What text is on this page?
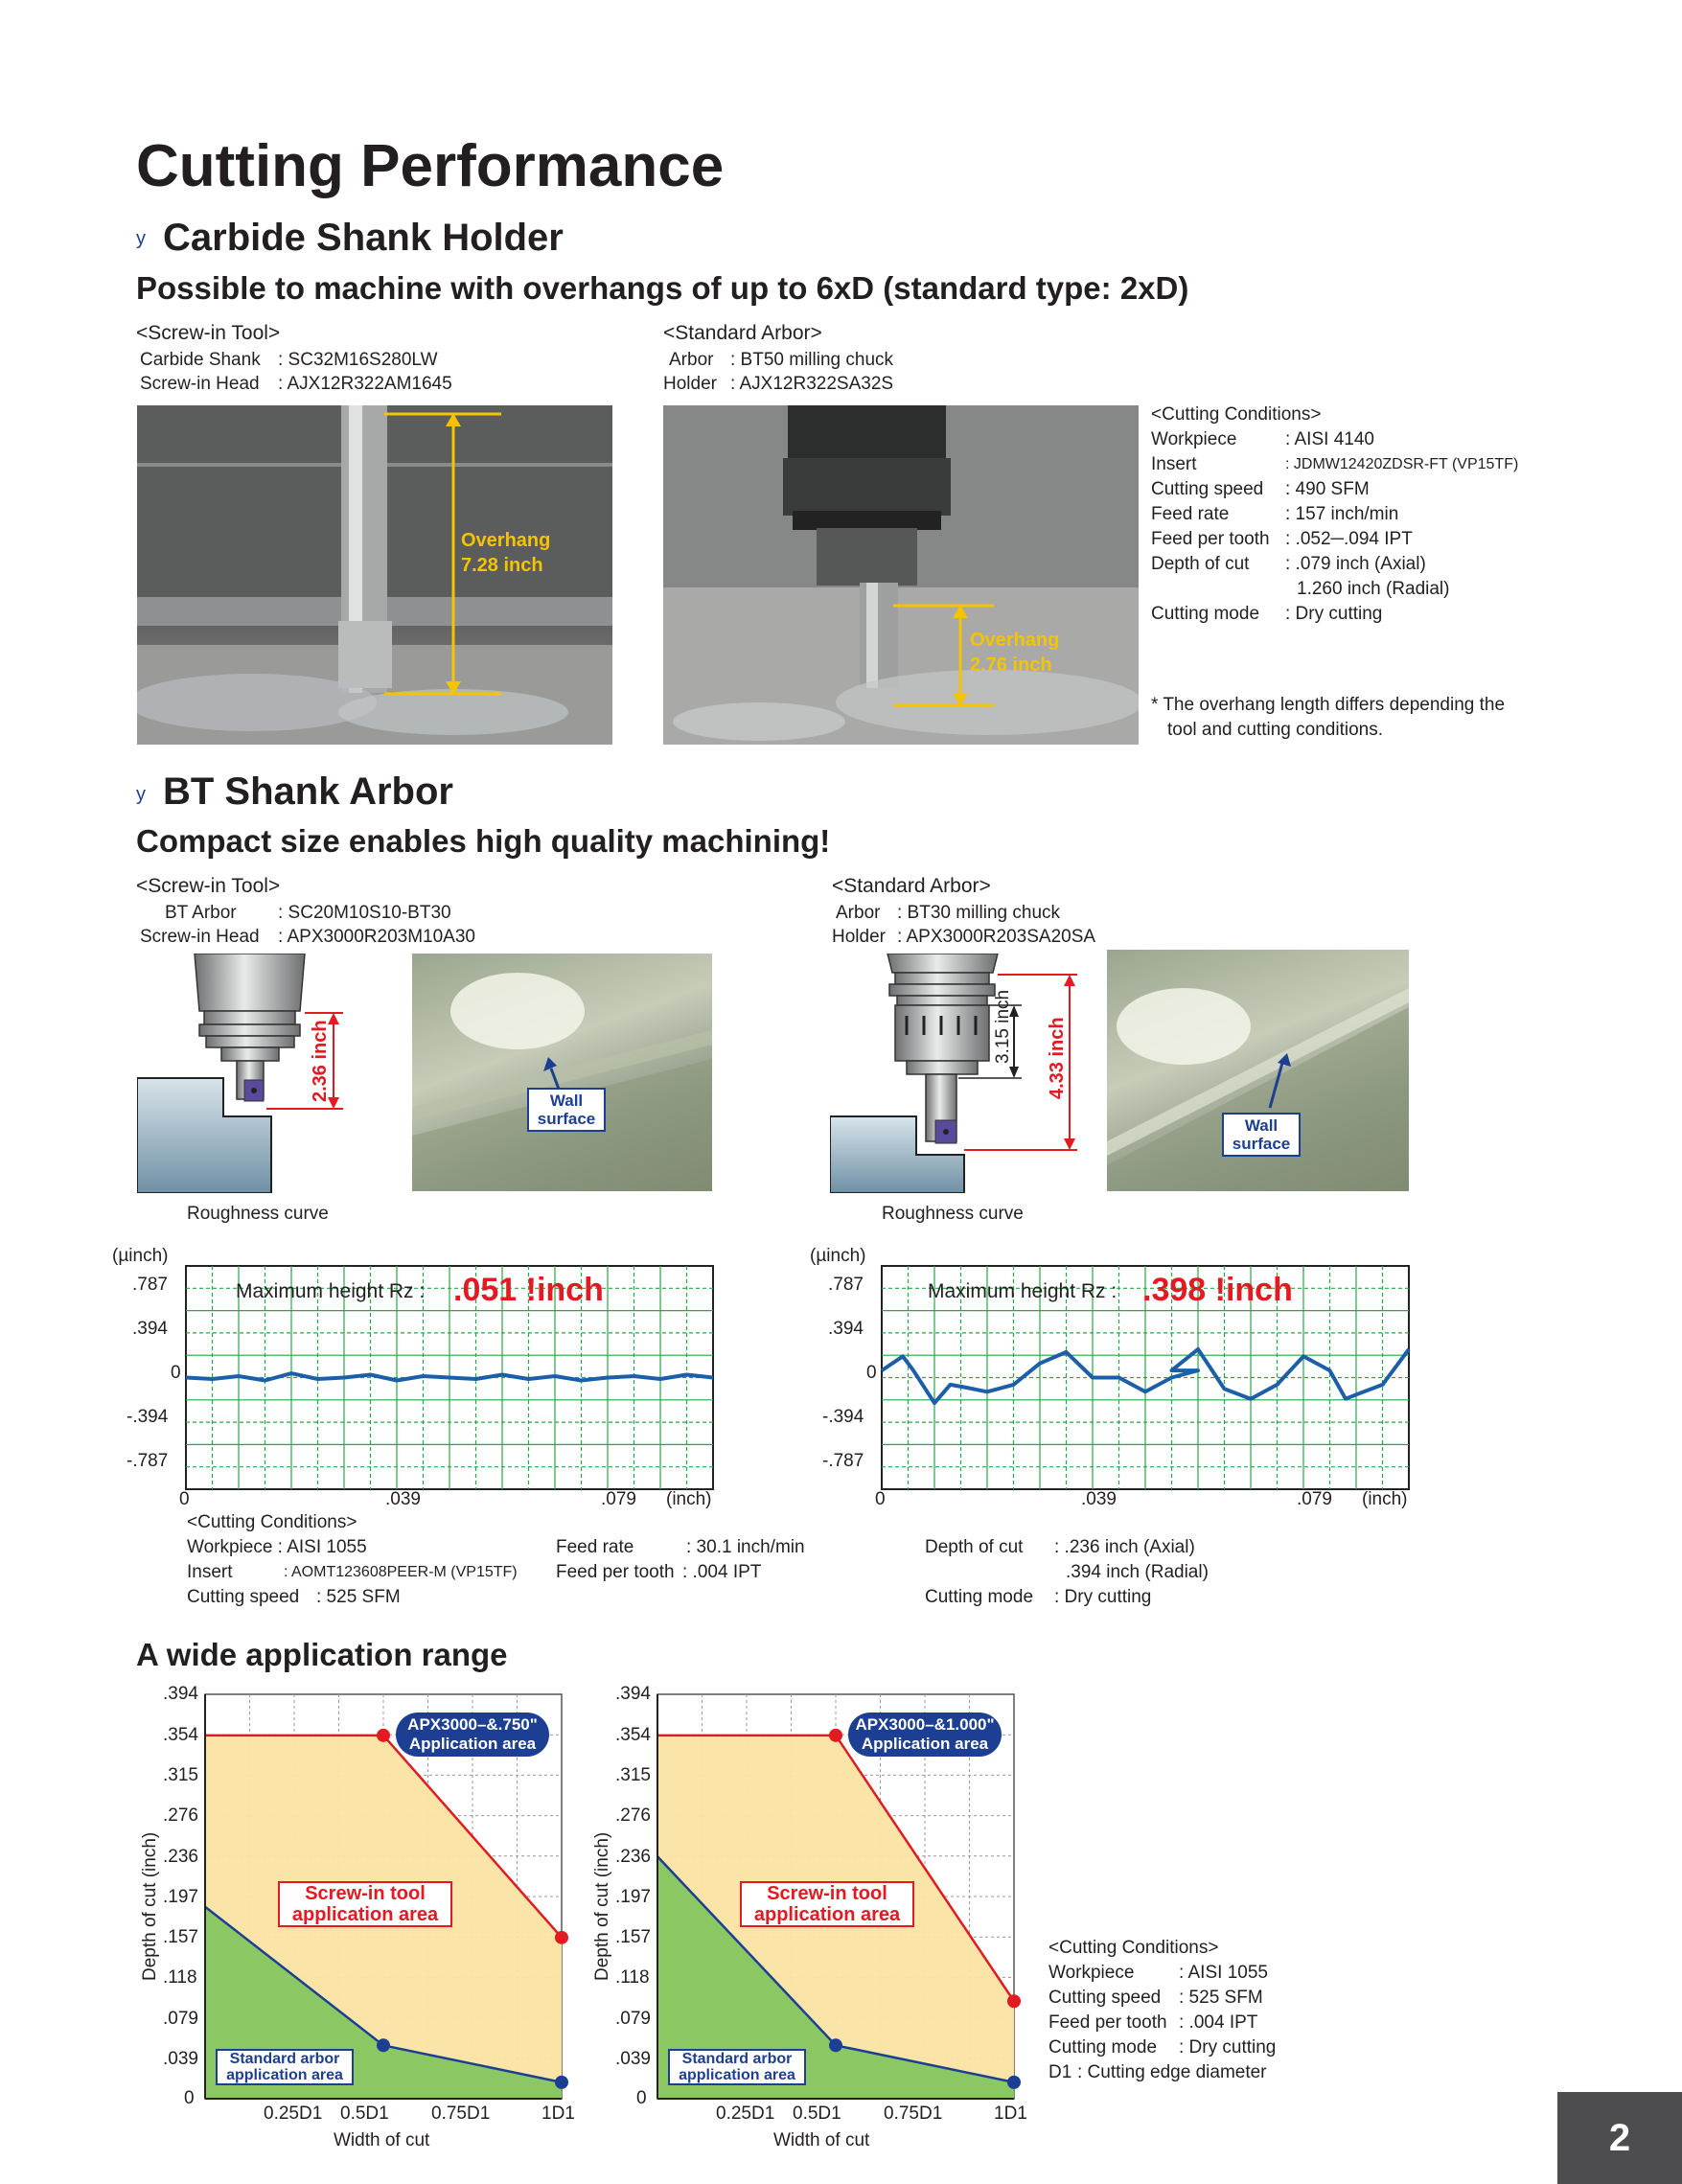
Cutting Performance
y Carbide Shank Holder
Possible to machine with overhangs of up to 6xD (standard type: 2xD)
<Screw-in Tool>
Carbide Shank : SC32M16S280LW
Screw-in Head : AJX12R322AM1645
<Standard Arbor>
Arbor : BT50 milling chuck
Holder : AJX12R322SA32S
Overhang
7.28 inch
Overhang
2.76 inch
<Cutting Conditions>
Workpiece	: AISI 4140
Insert	: JDMW12420ZDSR-FT (VP15TF)
Cutting speed : 490 SFM
Feed rate	: 157 inch/min
Feed per tooth : .052─.094 IPT
Depth of cut : .079 inch (Axial)
1.260 inch (Radial)
Cutting mode : Dry cutting
* The overhang length differs depending the
tool and cutting conditions.
y BT Shank Arbor
Compact size enables high quality machining!
<Screw-in Tool>
BT Arbor : SC20M10S10-BT30
Screw-in Head : APX3000R203M10A30
<Standard Arbor>
Arbor : BT30 milling chuck
Holder : APX3000R203SA20SA
2.36 inch	Wall
surface
3.15 inch 4.33 inch
Wall
surface
Roughness curve	Roughness curve
(µinch)
Maximum height Rz : .051 !inch
.787
.394
0
-.394
-.787
0	.039	.079 (inch)
(µinch)
Maximum height Rz : .398 !inch
.787
.394
0
-.394
-.787
0	.039	.079 (inch)
<Cutting Conditions>
Workpiece : AISI 1055
Insert	: AOMT123608PEER-M (VP15TF)
Cutting speed : 525 SFM
Feed rate	: 30.1 inch/min
Feed per tooth : .004 IPT
Depth of cut : .236 inch (Axial)
.394 inch (Radial)
Cutting mode : Dry cutting
A wide application range
Depth of cut (inch)
.394
.354
.315
.276
.236
.197
.157
.118
.079
.039
0
0.25D1 0.5D1 0.75D1	1D1
Width of cut
APX3000–&.750"
Application area
Screw-in tool
application area
Standard arbor
application area
Depth of cut (inch)
.394
.354
.315
.276
.236
.197
.157
.118
.079
.039
0
0.25D1 0.5D1 0.75D1	1D1
Width of cut
APX3000–&1.000"
Application area
Screw-in tool
application area
Standard arbor
application area
<Cutting Conditions>
Workpiece : AISI 1055
Cutting speed : 525 SFM
Feed per tooth : .004 IPT
Cutting mode : Dry cutting
D1 : Cutting edge diameter
2
